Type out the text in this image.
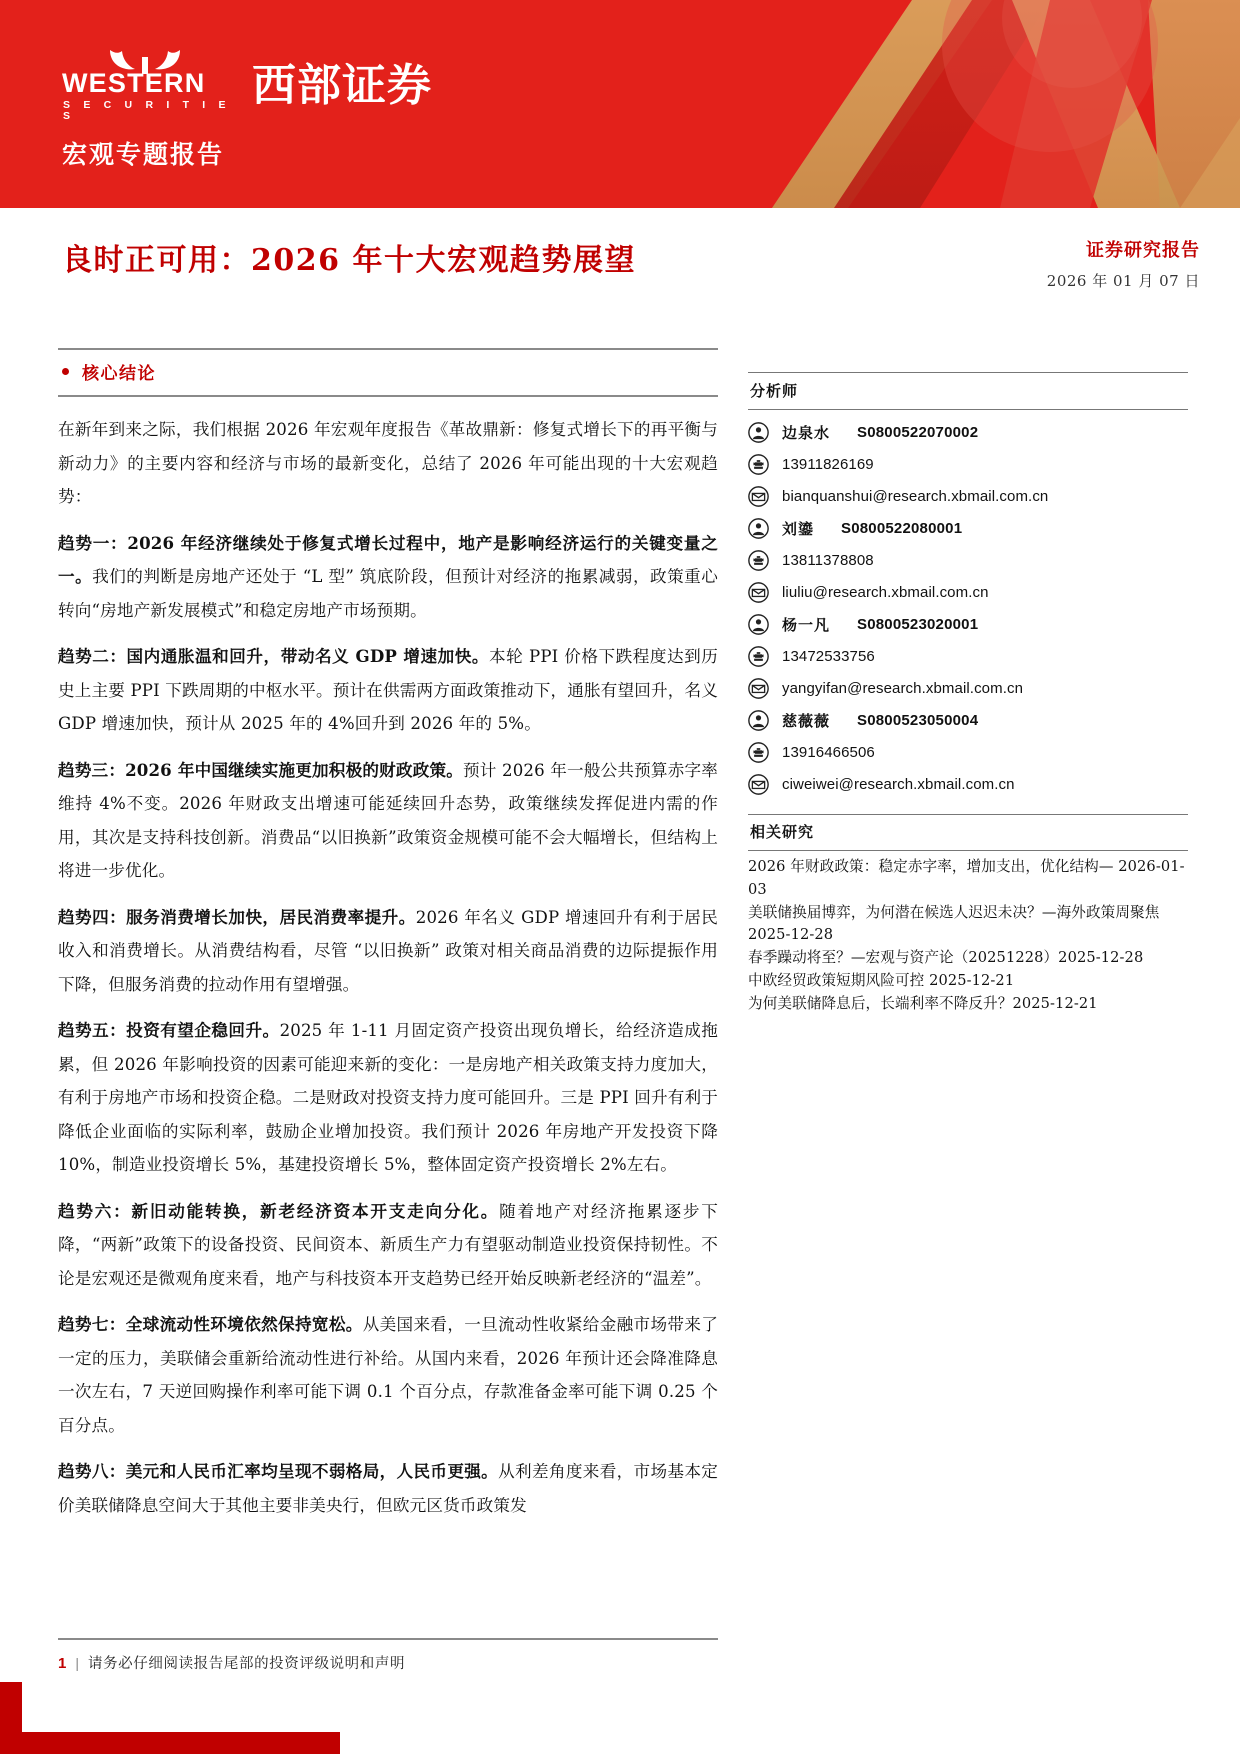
WESTERN
S E C U R I T I E S
西部证券
宏观专题报告
良时正可用：2026 年十大宏观趋势展望	证券研究报告
2026 年 01 月 07 日
核心结论

在新年到来之际，我们根据 2026 年宏观年度报告《革故鼎新：修复式增长下的再平衡与新动力》的主要内容和经济与市场的最新变化，总结了 2026 年可能出现的十大宏观趋势：

趋势一：2026 年经济继续处于修复式增长过程中，地产是影响经济运行的关键变量之一。我们的判断是房地产还处于 “L 型” 筑底阶段，但预计对经济的拖累减弱，政策重心转向“房地产新发展模式”和稳定房地产市场预期。

趋势二：国内通胀温和回升，带动名义 GDP 增速加快。本轮 PPI 价格下跌程度达到历史上主要 PPI 下跌周期的中枢水平。预计在供需两方面政策推动下，通胀有望回升，名义 GDP 增速加快，预计从 2025 年的 4%回升到 2026 年的 5%。

趋势三：2026 年中国继续实施更加积极的财政政策。预计 2026 年一般公共预算赤字率维持 4%不变。2026 年财政支出增速可能延续回升态势，政策继续发挥促进内需的作用，其次是支持科技创新。消费品“以旧换新”政策资金规模可能不会大幅增长，但结构上将进一步优化。

趋势四：服务消费增长加快，居民消费率提升。2026 年名义 GDP 增速回升有利于居民收入和消费增长。从消费结构看，尽管 “以旧换新” 政策对相关商品消费的边际提振作用下降，但服务消费的拉动作用有望增强。

趋势五：投资有望企稳回升。2025 年 1-11 月固定资产投资出现负增长，给经济造成拖累，但 2026 年影响投资的因素可能迎来新的变化：一是房地产相关政策支持力度加大，有利于房地产市场和投资企稳。二是财政对投资支持力度可能回升。三是 PPI 回升有利于降低企业面临的实际利率，鼓励企业增加投资。我们预计 2026 年房地产开发投资下降 10%，制造业投资增长 5%，基建投资增长 5%，整体固定资产投资增长 2%左右。

趋势六：新旧动能转换，新老经济资本开支走向分化。随着地产对经济拖累逐步下降，“两新”政策下的设备投资、民间资本、新质生产力有望驱动制造业投资保持韧性。不论是宏观还是微观角度来看，地产与科技资本开支趋势已经开始反映新老经济的“温差”。

趋势七：全球流动性环境依然保持宽松。从美国来看，一旦流动性收紧给金融市场带来了一定的压力，美联储会重新给流动性进行补给。从国内来看，2026 年预计还会降准降息一次左右，7 天逆回购操作利率可能下调 0.1 个百分点，存款准备金率可能下调 0.25 个百分点。

趋势八：美元和人民币汇率均呈现不弱格局，人民币更强。从利差角度来看，市场基本定价美联储降息空间大于其他主要非美央行，但欧元区货币政策发

分析师
边泉水 S0800522070002
13911826169
bianquanshui@research.xbmail.com.cn
刘鎏 S0800522080001
13811378808
liuliu@research.xbmail.com.cn
杨一凡 S0800523020001
13472533756
yangyifan@research.xbmail.com.cn
慈薇薇 S0800523050004
13916466506
ciweiwei@research.xbmail.com.cn
相关研究
2026 年财政政策：稳定赤字率，增加支出，优化结构— 2026-01-03
美联储换届博弈，为何潜在候选人迟迟未决？—海外政策周聚焦 2025-12-28
春季躁动将至？—宏观与资产论（20251228）2025-12-28
中欧经贸政策短期风险可控 2025-12-21
为何美联储降息后，长端利率不降反升？2025-12-21
1 | 请务必仔细阅读报告尾部的投资评级说明和声明
